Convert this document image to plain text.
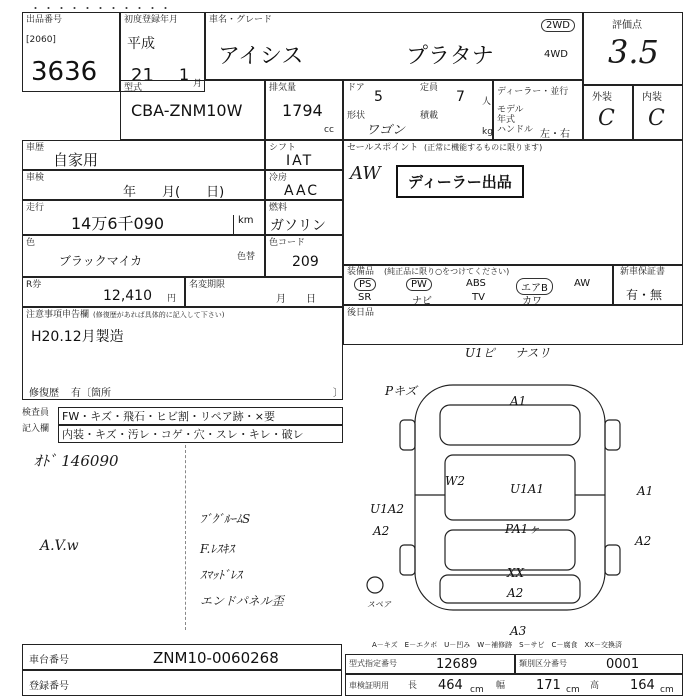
・・・・・・・・・・・
出品番号
[2060]
3636
初度登録年月
平成
21 1 月
車名・グレード
アイシス	プラタナ
2WD
4WD
評価点
3.5
型式
CBA-ZNM10W
排気量
1794
cc
ドア
5
定員
7 人
形状
ワゴン
積載
kg
ディーラー・並行
モデル年式
ハンドル 左・右
外装
C
内装
C
車歴
自家用
シフト
IAT
車検
年　　月(　　日)
冷房
AAC
走行
14万6千090	km
燃料
ガソリン
色
ブラックマイカ	色替
色コード
209
R券
12,410 円
名変期限
月　　日
注意事項申告欄 (修復歴があれば具体的に記入して下さい)
H20.12月製造
修復歴 有〔箇所	〕
セールスポイント (正常に機能するものに限ります)
AW	ディーラー出品
装備品 (純正品に限り○をつけてください)
PS	PW	ABS	エアB	AW
SR	ナビ	TV	カワ
新車保証書
有・無
後日品
検査員
記入欄
FW・キズ・飛石・ヒビ割・リペア跡・×要
内装・キズ・汚レ・コゲ・穴・スレ・キレ・破レ
ｵﾄﾞ 146090
A.V.w
ﾌﾞｸﾞﾙｰﾑS
F.ﾚｽｷｽ
ｽﾏｯﾄﾞﾚｽ
エンドパネル歪
U1ピ ナスリ
Pキズ
A1
W2
U1A1	A1
U1A2
A2	PA1ヶ
A2
XX
A2
A3
スペア
A－キズ　E－エクボ　U－凹み　W－補修跡　S－サビ　C－腐食　XX－交換済
車台番号	ZNM10-0060268
登録番号
型式指定番号	12689	類別区分番号	0001
車検証明用 長 464 cm 幅 171 cm 高 164 cm
